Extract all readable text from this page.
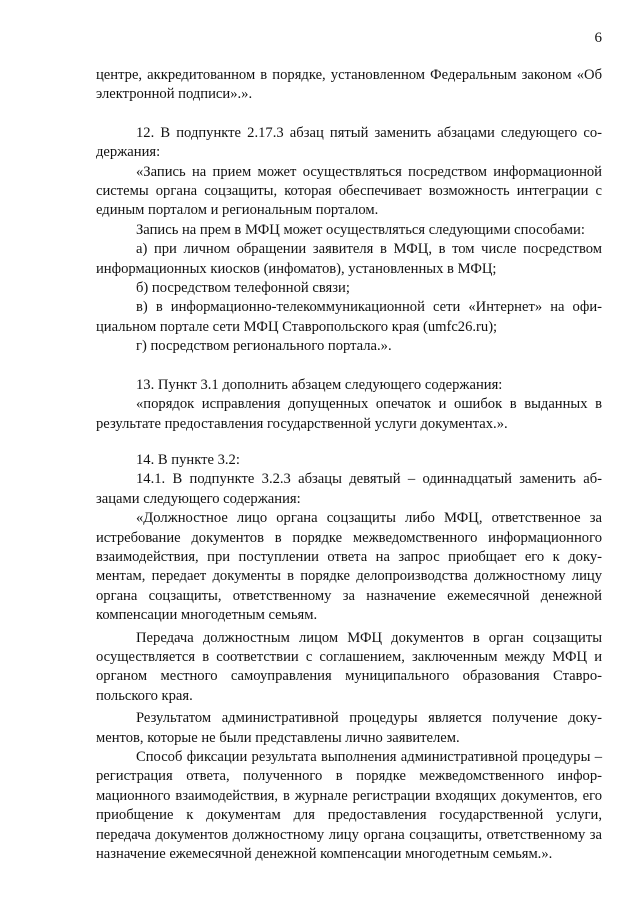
6

центре, аккредитованном в порядке, установленном Федеральным законом «Об электронной подписи».».

12. В подпункте 2.17.3 абзац пятый заменить абзацами следующего содержания:

«Запись на прием может осуществляться посредством информационной системы органа соцзащиты, которая обеспечивает возможность интеграции с единым порталом и региональным порталом.

Запись на прем в МФЦ может осуществляться следующими способами:

а) при личном обращении заявителя в МФЦ, в том числе посредством информационных киосков (инфоматов), установленных в МФЦ;

б) посредством телефонной связи;

в) в информационно-телекоммуникационной сети «Интернет» на официальном портале сети МФЦ Ставропольского края (umfc26.ru);

г) посредством регионального портала.».

13. Пункт 3.1 дополнить абзацем следующего содержания:

«порядок исправления допущенных опечаток и ошибок в выданных в результате предоставления государственной услуги документах.».

14. В пункте 3.2:

14.1. В подпункте 3.2.3 абзацы девятый – одиннадцатый заменить абзацами следующего содержания:

«Должностное лицо органа соцзащиты либо МФЦ, ответственное за истребование документов в порядке межведомственного информационного взаимодействия, при поступлении ответа на запрос приобщает его к документам, передает документы в порядке делопроизводства должностному лицу органа соцзащиты, ответственному за назначение ежемесячной денежной компенсации многодетным семьям.

Передача должностным лицом МФЦ документов в орган соцзащиты осуществляется в соответствии с соглашением, заключенным между МФЦ и органом местного самоуправления муниципального образования Ставропольского края.

Результатом административной процедуры является получение документов, которые не были представлены лично заявителем.

Способ фиксации результата выполнения административной процедуры – регистрация ответа, полученного в порядке межведомственного информационного взаимодействия, в журнале регистрации входящих документов, его приобщение к документам для предоставления государственной услуги, передача документов должностному лицу органа соцзащиты, ответственному за назначение ежемесячной денежной компенсации многодетным семьям.».
